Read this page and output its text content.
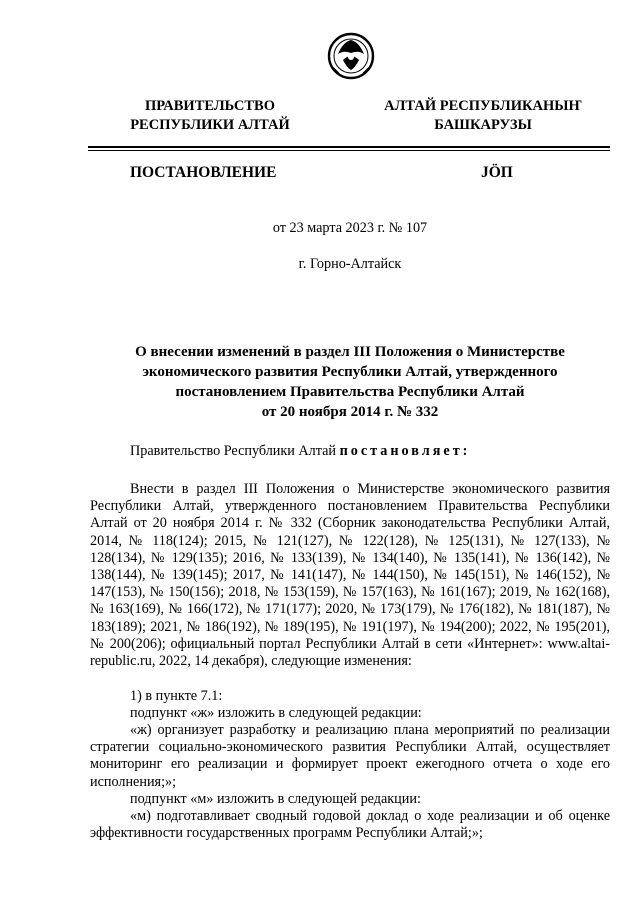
ПРАВИТЕЛЬСТВО
РЕСПУБЛИКИ АЛТАЙ
АЛТАЙ РЕСПУБЛИКАНЫҤ
БАШКАРУЗЫ
ПОСТАНОВЛЕНИЕ	JӦП
от 23 марта 2023 г. № 107
г. Горно-Алтайск
О внесении изменений в раздел III Положения о Министерстве
экономического развития Республики Алтай, утвержденного
постановлением Правительства Республики Алтай
от 20 ноября 2014 г. № 332
Правительство Республики Алтай постановляет:
Внести в раздел III Положения о Министерстве экономического развития Республики Алтай, утвержденного постановлением Правительства Республики Алтай от 20 ноября 2014 г. № 332 (Сборник законодательства Республики Алтай, 2014, № 118(124); 2015, № 121(127), № 122(128), № 125(131), № 127(133), № 128(134), № 129(135); 2016, № 133(139), № 134(140), № 135(141), № 136(142), № 138(144), № 139(145); 2017, № 141(147), № 144(150), № 145(151), № 146(152), № 147(153), № 150(156); 2018, № 153(159), № 157(163), № 161(167); 2019, № 162(168), № 163(169), № 166(172), № 171(177); 2020, № 173(179), № 176(182), № 181(187), № 183(189); 2021, № 186(192), № 189(195), № 191(197), № 194(200); 2022, № 195(201), № 200(206); официальный портал Республики Алтай в сети «Интернет»: www.altai-republic.ru, 2022, 14 декабря), следующие изменения:
1) в пункте 7.1:
подпункт «ж» изложить в следующей редакции:
«ж) организует разработку и реализацию плана мероприятий по реализации стратегии социально-экономического развития Республики Алтай, осуществляет мониторинг его реализации и формирует проект ежегодного отчета о ходе его исполнения;»;
подпункт «м» изложить в следующей редакции:
«м) подготавливает сводный годовой доклад о ходе реализации и об оценке эффективности государственных программ Республики Алтай;»;
